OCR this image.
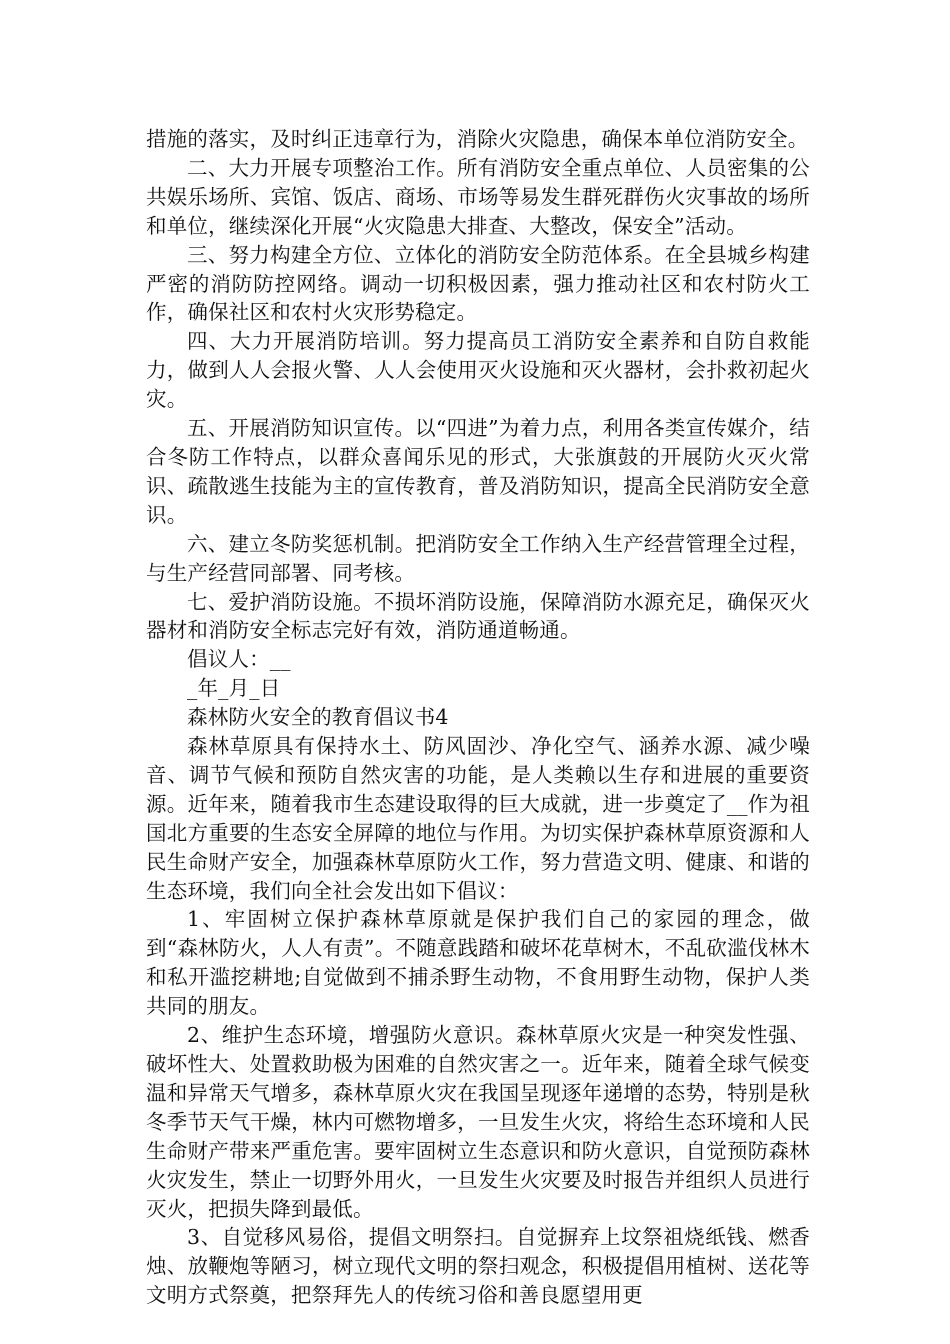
措施的落实，及时纠正违章行为，消除火灾隐患，确保本单位消防安全。

二、大力开展专项整治工作。所有消防安全重点单位、人员密集的公共娱乐场所、宾馆、饭店、商场、市场等易发生群死群伤火灾事故的场所和单位，继续深化开展“火灾隐患大排查、大整改，保安全”活动。

三、努力构建全方位、立体化的消防安全防范体系。在全县城乡构建严密的消防防控网络。调动一切积极因素，强力推动社区和农村防火工作，确保社区和农村火灾形势稳定。

四、大力开展消防培训。努力提高员工消防安全素养和自防自救能力，做到人人会报火警、人人会使用灭火设施和灭火器材，会扑救初起火灾。

五、开展消防知识宣传。以“四进”为着力点，利用各类宣传媒介，结合冬防工作特点，以群众喜闻乐见的形式，大张旗鼓的开展防火灭火常识、疏散逃生技能为主的宣传教育，普及消防知识，提高全民消防安全意识。

六、建立冬防奖惩机制。把消防安全工作纳入生产经营管理全过程，与生产经营同部署、同考核。

七、爱护消防设施。不损坏消防设施，保障消防水源充足，确保灭火器材和消防安全标志完好有效，消防通道畅通。

倡议人：__

_年_月_日

森林防火安全的教育倡议书4

森林草原具有保持水土、防风固沙、净化空气、涵养水源、减少噪音、调节气候和预防自然灾害的功能，是人类赖以生存和进展的重要资源。近年来，随着我市生态建设取得的巨大成就，进一步奠定了__作为祖国北方重要的生态安全屏障的地位与作用。为切实保护森林草原资源和人民生命财产安全，加强森林草原防火工作，努力营造文明、健康、和谐的生态环境，我们向全社会发出如下倡议：

1、牢固树立保护森林草原就是保护我们自己的家园的理念，做到“森林防火，人人有责”。不随意践踏和破坏花草树木，不乱砍滥伐林木和私开滥挖耕地;自觉做到不捕杀野生动物，不食用野生动物，保护人类共同的朋友。

2、维护生态环境，增强防火意识。森林草原火灾是一种突发性强、破坏性大、处置救助极为困难的自然灾害之一。近年来，随着全球气候变温和异常天气增多，森林草原火灾在我国呈现逐年递增的态势，特别是秋冬季节天气干燥，林内可燃物增多，一旦发生火灾，将给生态环境和人民生命财产带来严重危害。要牢固树立生态意识和防火意识，自觉预防森林火灾发生，禁止一切野外用火，一旦发生火灾要及时报告并组织人员进行灭火，把损失降到最低。

3、自觉移风易俗，提倡文明祭扫。自觉摒弃上坟祭祖烧纸钱、燃香烛、放鞭炮等陋习，树立现代文明的祭扫观念，积极提倡用植树、送花等文明方式祭奠，把祭拜先人的传统习俗和善良愿望用更
